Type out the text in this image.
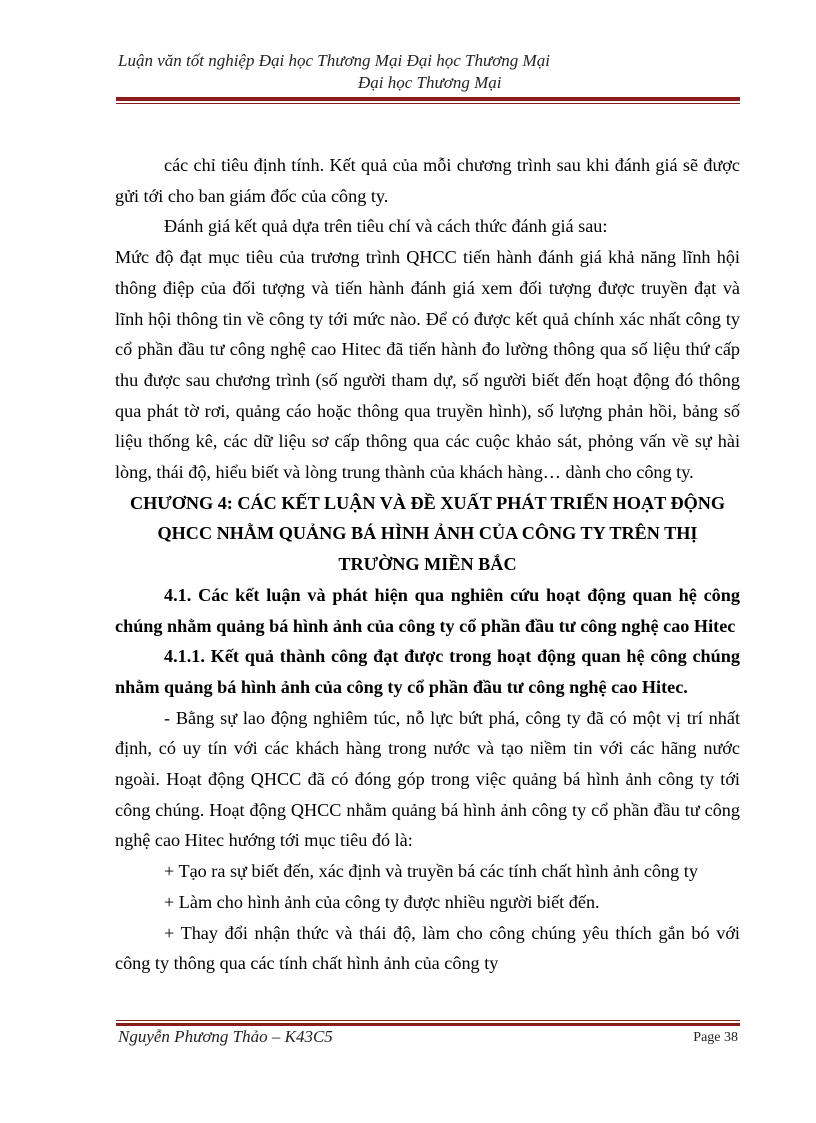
Luận văn tốt nghiệp Đại học Thương Mại Đại học Thương Mại
Đại học Thương Mại

các chỉ tiêu định tính. Kết quả của mỗi chương trình sau khi đánh giá sẽ được gửi tới cho ban giám đốc của công ty.

Đánh giá kết quả dựa trên tiêu chí và cách thức đánh giá sau:

Mức độ đạt mục tiêu của trương trình QHCC tiến hành đánh giá khả năng lĩnh hội thông điệp của đối tượng và tiến hành đánh giá xem đối tượng được truyền đạt và lĩnh hội thông tin về công ty tới mức nào. Để có được kết quả chính xác nhất công ty cổ phần đầu tư công nghệ cao Hitec đã tiến hành đo lường thông qua số liệu thứ cấp thu được sau chương trình (số người tham dự, số người biết đến hoạt động đó thông qua phát tờ rơi, quảng cáo hoặc thông qua truyền hình), số lượng phản hồi, bảng số liệu thống kê, các dữ liệu sơ cấp thông qua các cuộc khảo sát, phỏng vấn về sự hài lòng, thái độ, hiểu biết và lòng trung thành của khách hàng… dành cho công ty.

CHƯƠNG 4: CÁC KẾT LUẬN VÀ ĐỀ XUẤT PHÁT TRIỂN HOẠT ĐỘNG QHCC NHẰM QUẢNG BÁ HÌNH ẢNH CỦA CÔNG TY TRÊN THỊ TRƯỜNG MIỀN BẮC

4.1. Các kết luận và phát hiện qua nghiên cứu hoạt động quan hệ công chúng nhằm quảng bá hình ảnh của công ty cổ phần đầu tư công nghệ cao Hitec

4.1.1. Kết quả thành công đạt được trong hoạt động quan hệ công chúng nhằm quảng bá hình ảnh của công ty cổ phần đầu tư công nghệ cao Hitec.

- Bằng sự lao động nghiêm túc, nỗ lực bứt phá, công ty đã có một vị trí nhất định, có uy tín với các khách hàng trong nước và tạo niềm tin với các hãng nước ngoài. Hoạt động QHCC đã có đóng góp trong việc quảng bá hình ảnh công ty tới công chúng. Hoạt động QHCC nhằm quảng bá hình ảnh công ty cổ phần đầu tư công nghệ cao Hitec hướng tới mục tiêu đó là:

+ Tạo ra sự biết đến, xác định và truyền bá các tính chất hình ảnh công ty

+ Làm cho hình ảnh của công ty được nhiều người biết đến.

+ Thay đổi nhận thức và thái độ, làm cho công chúng yêu thích gắn bó với công ty thông qua các tính chất hình ảnh của công ty

Nguyễn Phương Thảo – K43C5	Page 38
